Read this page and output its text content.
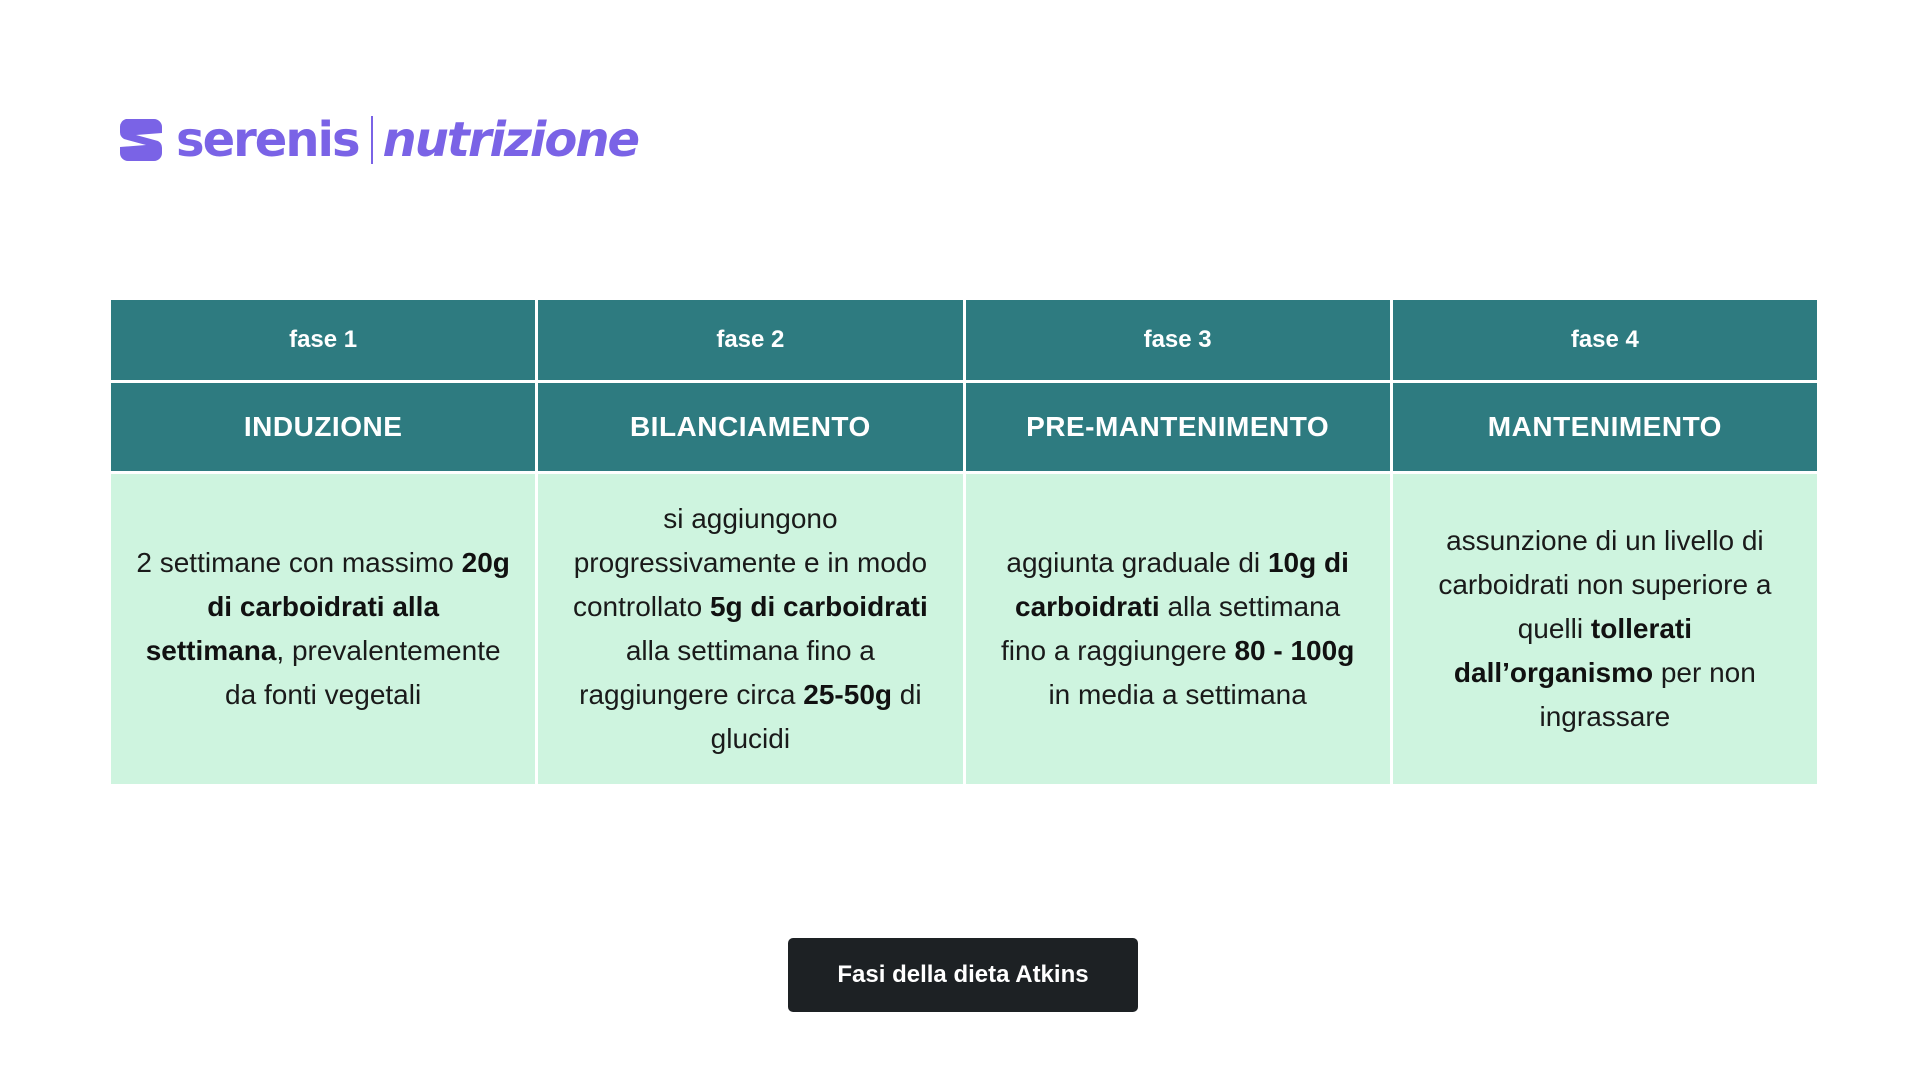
serenis nutrizione
fase 1	fase 2	fase 3	fase 4
INDUZIONE	BILANCIAMENTO	PRE-MANTENIMENTO	MANTENIMENTO
2 settimane con massimo 20g di carboidrati alla settimana, prevalentemente da fonti vegetali	si aggiungono progressivamente e in modo controllato 5g di carboidrati alla settimana fino a raggiungere circa 25-50g di glucidi	aggiunta graduale di 10g di carboidrati alla settimana fino a raggiungere 80 - 100g in media a settimana	assunzione di un livello di carboidrati non superiore a quelli tollerati dall’organismo per non ingrassare
Fasi della dieta Atkins
